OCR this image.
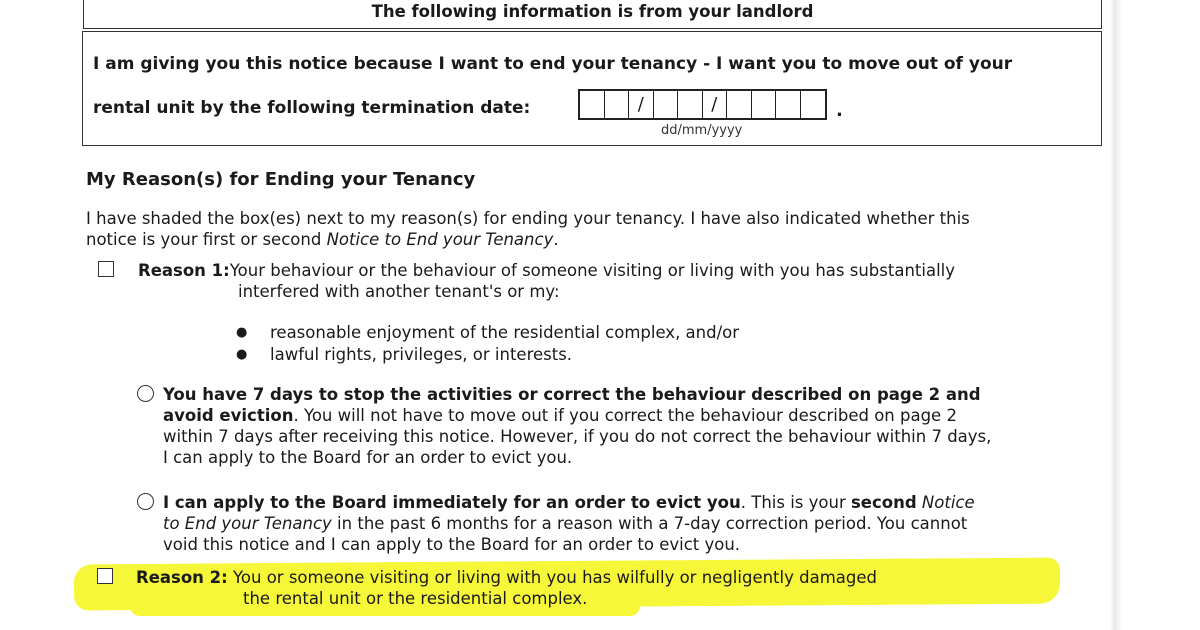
The following information is from your landlord
I am giving you this notice because I want to end your tenancy - I want you to move out of your
rental unit by the following termination date:	/	/	.
dd/mm/yyyy
My Reason(s) for Ending your Tenancy
I have shaded the box(es) next to my reason(s) for ending your tenancy. I have also indicated whether this
notice is your first or second Notice to End your Tenancy.
Reason 1:Your behaviour or the behaviour of someone visiting or living with you has substantially
interfered with another tenant's or my:
●	reasonable enjoyment of the residential complex, and/or
●	lawful rights, privileges, or interests.
You have 7 days to stop the activities or correct the behaviour described on page 2 and
avoid eviction. You will not have to move out if you correct the behaviour described on page 2
within 7 days after receiving this notice. However, if you do not correct the behaviour within 7 days,
I can apply to the Board for an order to evict you.
I can apply to the Board immediately for an order to evict you. This is your second Notice
to End your Tenancy in the past 6 months for a reason with a 7-day correction period. You cannot
void this notice and I can apply to the Board for an order to evict you.
Reason 2: You or someone visiting or living with you has wilfully or negligently damaged
the rental unit or the residential complex.
